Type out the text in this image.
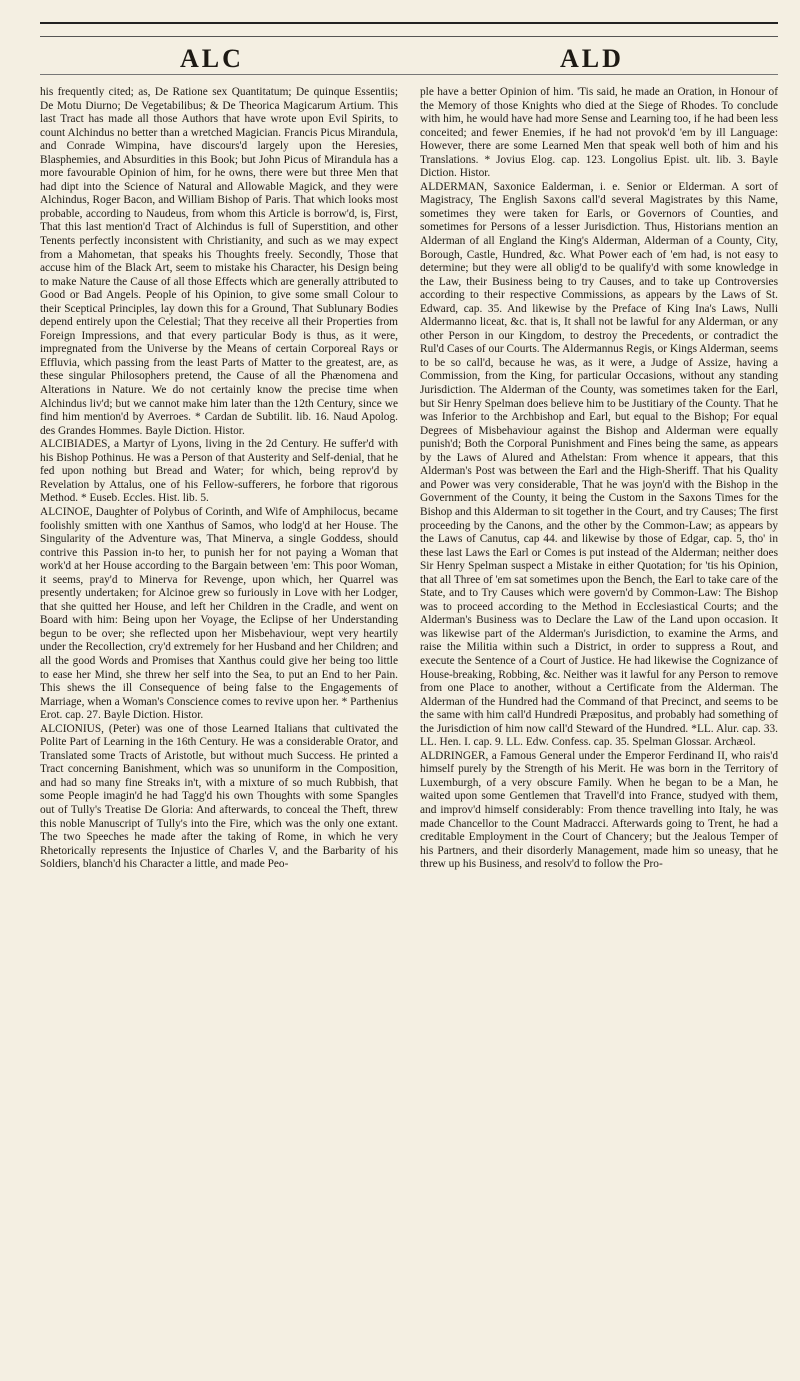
ALC	ALD

his frequently cited; as, De Ratione sex Quantitatum; De quinque Essentiis; De Motu Diurno; De Vegetabilibus; & De Theorica Magicarum Artium. This last Tract has made all those Authors that have wrote upon Evil Spirits, to count Alchindus no better than a wretched Magician. Francis Picus Mirandula, and Conrade Wimpina, have discours'd largely upon the Heresies, Blasphemies, and Absurdities in this Book; but John Picus of Mirandula has a more favourable Opinion of him, for he owns, there were but three Men that had dipt into the Science of Natural and Allowable Magick, and they were Alchindus, Roger Bacon, and William Bishop of Paris. That which looks most probable, according to Naudeus, from whom this Article is borrow'd, is, First, That this last mention'd Tract of Alchindus is full of Superstition, and other Tenents perfectly inconsistent with Christianity, and such as we may expect from a Mahometan, that speaks his Thoughts freely. Secondly, Those that accuse him of the Black Art, seem to mistake his Character, his Design being to make Nature the Cause of all those Effects which are generally attributed to Good or Bad Angels. People of his Opinion, to give some small Colour to their Sceptical Principles, lay down this for a Ground, That Sublunary Bodies depend entirely upon the Celestial; That they receive all their Properties from Foreign Impressions, and that every particular Body is thus, as it were, impregnated from the Universe by the Means of certain Corporeal Rays or Effluvia, which passing from the least Parts of Matter to the greatest, are, as these singular Philosophers pretend, the Cause of all the Phænomena and Alterations in Nature. We do not certainly know the precise time when Alchindus liv'd; but we cannot make him later than the 12th Century, since we find him mention'd by Averroes. * Cardan de Subtilit. lib. 16. Naud Apolog. des Grandes Hommes. Bayle Diction. Histor.

ALCIBIADES, a Martyr of Lyons, living in the 2d Century. He suffer'd with his Bishop Pothinus. He was a Person of that Austerity and Self-denial, that he fed upon nothing but Bread and Water; for which, being reprov'd by Revelation by Attalus, one of his Fellow-sufferers, he forbore that rigorous Method. * Euseb. Eccles. Hist. lib. 5.

ALCINOE, Daughter of Polybus of Corinth, and Wife of Amphilocus, became foolishly smitten with one Xanthus of Samos, who lodg'd at her House. The Singularity of the Adventure was, That Minerva, a single Goddess, should contrive this Passion in-to her, to punish her for not paying a Woman that work'd at her House according to the Bargain between 'em: This poor Woman, it seems, pray'd to Minerva for Revenge, upon which, her Quarrel was presently undertaken; for Alcinoe grew so furiously in Love with her Lodger, that she quitted her House, and left her Children in the Cradle, and went on Board with him: Being upon her Voyage, the Eclipse of her Understanding begun to be over; she reflected upon her Misbehaviour, wept very heartily under the Recollection, cry'd extremely for her Husband and her Children; and all the good Words and Promises that Xanthus could give her being too little to ease her Mind, she threw her self into the Sea, to put an End to her Pain. This shews the ill Consequence of being false to the Engagements of Marriage, when a Woman's Conscience comes to revive upon her. * Parthenius Erot. cap. 27. Bayle Diction. Histor.

ALCIONIUS, (Peter) was one of those Learned Italians that cultivated the Polite Part of Learning in the 16th Century. He was a considerable Orator, and Translated some Tracts of Aristotle, but without much Success. He printed a Tract concerning Banishment, which was so ununiform in the Composition, and had so many fine Streaks in't, with a mixture of so much Rubbish, that some People imagin'd he had Tagg'd his own Thoughts with some Spangles out of Tully's Treatise De Gloria: And afterwards, to conceal the Theft, threw this noble Manuscript of Tully's into the Fire, which was the only one extant. The two Speeches he made after the taking of Rome, in which he very Rhetorically represents the Injustice of Charles V, and the Barbarity of his Soldiers, blanch'd his Character a little, and made Peo-

ple have a better Opinion of him. 'Tis said, he made an Oration, in Honour of the Memory of those Knights who died at the Siege of Rhodes. To conclude with him, he would have had more Sense and Learning too, if he had been less conceited; and fewer Enemies, if he had not provok'd 'em by ill Language: However, there are some Learned Men that speak well both of him and his Translations. * Jovius Elog. cap. 123. Longolius Epist. ult. lib. 3. Bayle Diction. Histor.

ALDERMAN, Saxonice Ealderman, i. e. Senior or Elderman. A sort of Magistracy, The English Saxons call'd several Magistrates by this Name, sometimes they were taken for Earls, or Governors of Counties, and sometimes for Persons of a lesser Jurisdiction. Thus, Historians mention an Alderman of all England the King's Alderman, Alderman of a County, City, Borough, Castle, Hundred, &c. What Power each of 'em had, is not easy to determine; but they were all oblig'd to be qualify'd with some knowledge in the Law, their Business being to try Causes, and to take up Controversies according to their respective Commissions, as appears by the Laws of St. Edward, cap. 35. And likewise by the Preface of King Ina's Laws, Nulli Aldermanno liceat, &c. that is, It shall not be lawful for any Alderman, or any other Person in our Kingdom, to destroy the Precedents, or contradict the Rul'd Cases of our Courts. The Aldermannus Regis, or Kings Alderman, seems to be so call'd, because he was, as it were, a Judge of Assize, having a Commission, from the King, for particular Occasions, without any standing Jurisdiction. The Alderman of the County, was sometimes taken for the Earl, but Sir Henry Spelman does believe him to be Justitiary of the County. That he was Inferior to the Archbishop and Earl, but equal to the Bishop; For equal Degrees of Misbehaviour against the Bishop and Alderman were equally punish'd; Both the Corporal Punishment and Fines being the same, as appears by the Laws of Alured and Athelstan: From whence it appears, that this Alderman's Post was between the Earl and the High-Sheriff. That his Quality and Power was very considerable, That he was joyn'd with the Bishop in the Government of the County, it being the Custom in the Saxons Times for the Bishop and this Alderman to sit together in the Court, and try Causes; The first proceeding by the Canons, and the other by the Common-Law; as appears by the Laws of Canutus, cap 44. and likewise by those of Edgar, cap. 5, tho' in these last Laws the Earl or Comes is put instead of the Alderman; neither does Sir Henry Spelman suspect a Mistake in either Quotation; for 'tis his Opinion, that all Three of 'em sat sometimes upon the Bench, the Earl to take care of the State, and to Try Causes which were govern'd by Common-Law: The Bishop was to proceed according to the Method in Ecclesiastical Courts; and the Alderman's Business was to Declare the Law of the Land upon occasion. It was likewise part of the Alderman's Jurisdiction, to examine the Arms, and raise the Militia within such a District, in order to suppress a Rout, and execute the Sentence of a Court of Justice. He had likewise the Cognizance of House-breaking, Robbing, &c. Neither was it lawful for any Person to remove from one Place to another, without a Certificate from the Alderman. The Alderman of the Hundred had the Command of that Precinct, and seems to be the same with him call'd Hundredi Præpositus, and probably had something of the Jurisdiction of him now call'd Steward of the Hundred. *LL. Alur. cap. 33. LL. Hen. I. cap. 9. LL. Edw. Confess. cap. 35. Spelman Glossar. Archæol.

ALDRINGER, a Famous General under the Emperor Ferdinand II, who rais'd himself purely by the Strength of his Merit. He was born in the Territory of Luxemburgh, of a very obscure Family. When he began to be a Man, he waited upon some Gentlemen that Travell'd into France, studyed with them, and improv'd himself considerably: From thence travelling into Italy, he was made Chancellor to the Count Madracci. Afterwards going to Trent, he had a creditable Employment in the Court of Chancery; but the Jealous Temper of his Partners, and their disorderly Management, made him so uneasy, that he threw up his Business, and resolv'd to follow the Pro-
